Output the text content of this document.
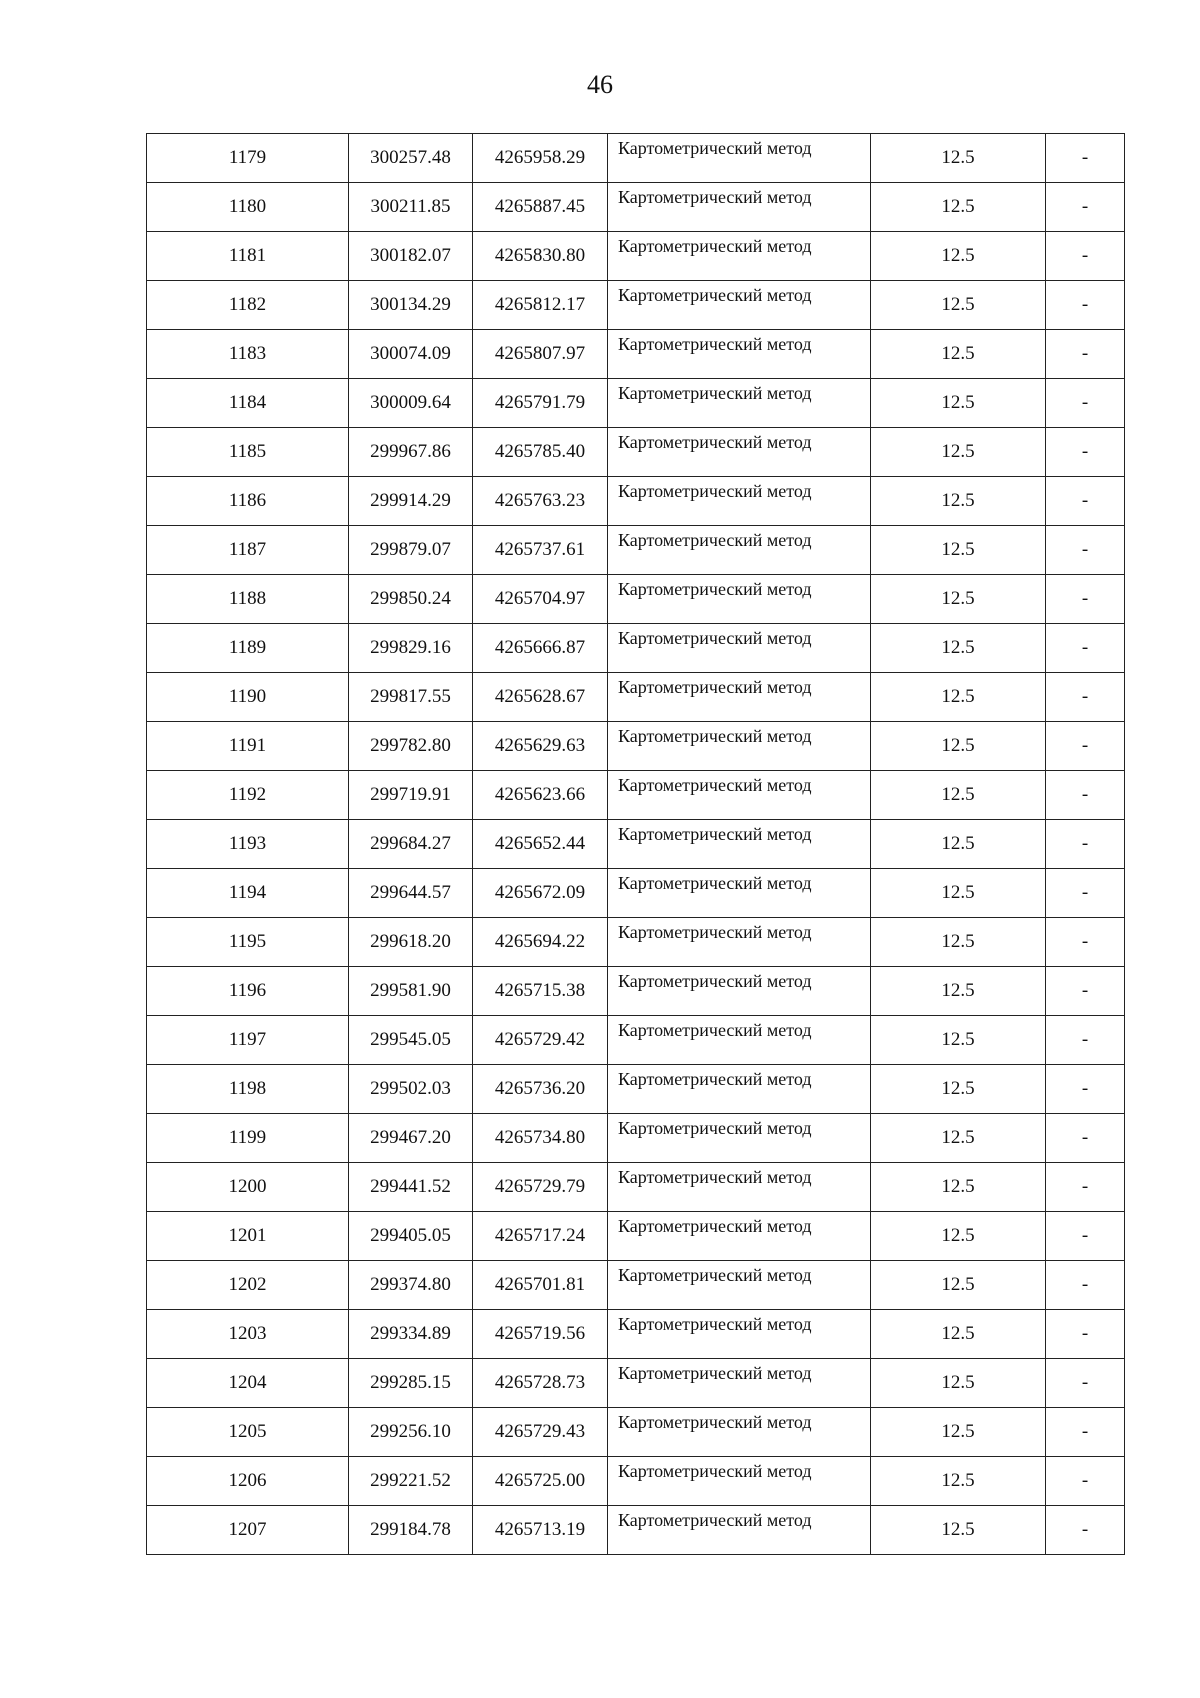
46
1179	300257.48	4265958.29	Картометрический метод	12.5	-
1180	300211.85	4265887.45	Картометрический метод	12.5	-
1181	300182.07	4265830.80	Картометрический метод	12.5	-
1182	300134.29	4265812.17	Картометрический метод	12.5	-
1183	300074.09	4265807.97	Картометрический метод	12.5	-
1184	300009.64	4265791.79	Картометрический метод	12.5	-
1185	299967.86	4265785.40	Картометрический метод	12.5	-
1186	299914.29	4265763.23	Картометрический метод	12.5	-
1187	299879.07	4265737.61	Картометрический метод	12.5	-
1188	299850.24	4265704.97	Картометрический метод	12.5	-
1189	299829.16	4265666.87	Картометрический метод	12.5	-
1190	299817.55	4265628.67	Картометрический метод	12.5	-
1191	299782.80	4265629.63	Картометрический метод	12.5	-
1192	299719.91	4265623.66	Картометрический метод	12.5	-
1193	299684.27	4265652.44	Картометрический метод	12.5	-
1194	299644.57	4265672.09	Картометрический метод	12.5	-
1195	299618.20	4265694.22	Картометрический метод	12.5	-
1196	299581.90	4265715.38	Картометрический метод	12.5	-
1197	299545.05	4265729.42	Картометрический метод	12.5	-
1198	299502.03	4265736.20	Картометрический метод	12.5	-
1199	299467.20	4265734.80	Картометрический метод	12.5	-
1200	299441.52	4265729.79	Картометрический метод	12.5	-
1201	299405.05	4265717.24	Картометрический метод	12.5	-
1202	299374.80	4265701.81	Картометрический метод	12.5	-
1203	299334.89	4265719.56	Картометрический метод	12.5	-
1204	299285.15	4265728.73	Картометрический метод	12.5	-
1205	299256.10	4265729.43	Картометрический метод	12.5	-
1206	299221.52	4265725.00	Картометрический метод	12.5	-
1207	299184.78	4265713.19	Картометрический метод	12.5	-
